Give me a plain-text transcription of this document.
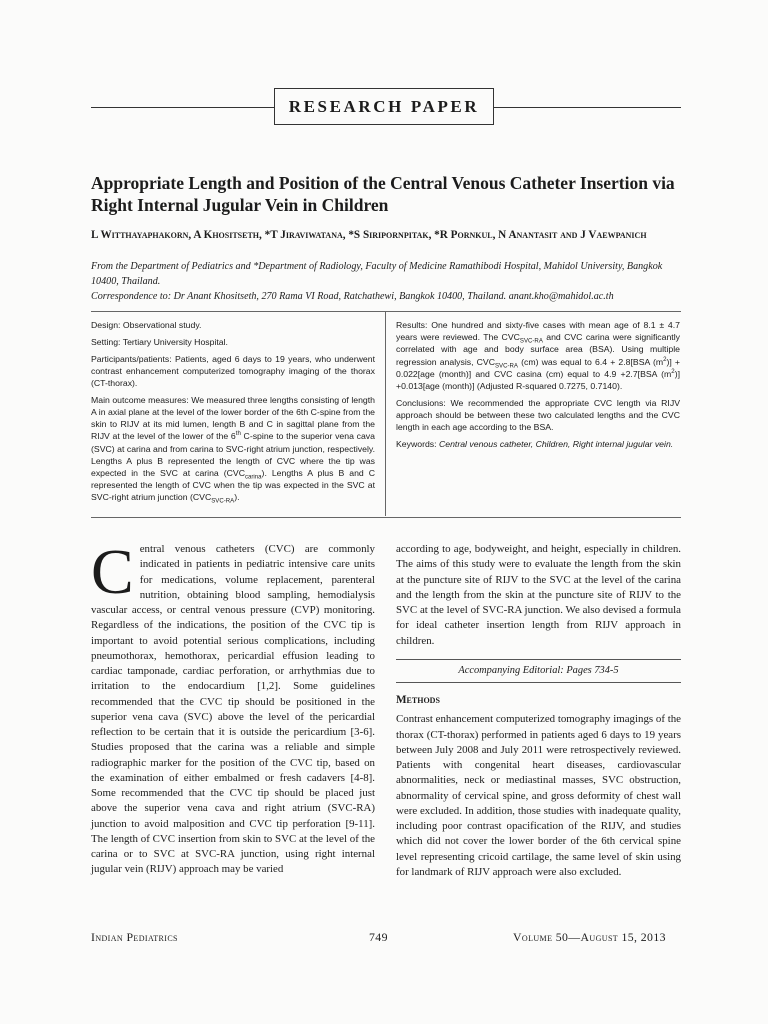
RESEARCH PAPER
Appropriate Length and Position of the Central Venous Catheter Insertion via Right Internal Jugular Vein in Children
L Witthayaphakorn, A Khositseth, *T Jiraviwatana, *S Siripornpitak, *R Pornkul, N Anantasit and J Vaewpanich
From the Department of Pediatrics and *Department of Radiology, Faculty of Medicine Ramathibodi Hospital, Mahidol University, Bangkok 10400, Thailand.
Correspondence to: Dr Anant Khositseth, 270 Rama VI Road, Ratchathewi, Bangkok 10400, Thailand. anant.kho@mahidol.ac.th

Design: Observational study.

Setting: Tertiary University Hospital.

Participants/patients: Patients, aged 6 days to 19 years, who underwent contrast enhancement computerized tomography imaging of the thorax (CT-thorax).

Main outcome measures: We measured three lengths consisting of length A in axial plane at the level of the lower border of the 6th C-spine from the skin to RIJV at its mid lumen, length B and C in sagittal plane from the RIJV at the level of the lower of the 6th C-spine to the superior vena cava (SVC) at carina and from carina to SVC-right atrium junction, respectively. Lengths A plus B represented the length of CVC where the tip was expected in the SVC at carina $(CVC_{carina})$. Lengths A plus B and C represented the length of CVC when the tip was expected in the SVC at SVC-right atrium junction $(CVC_{SVC-RA})$.

Results: One hundred and sixty-five cases with mean age of 8.1 ± 4.7 years were reviewed. The $CVC_{SVC-RA}$ and CVC carina were significantly correlated with age and body surface area (BSA). Using multiple regression analysis, $CVC_{SVC-RA}$ (cm) was equal to 6.4 + 2.8[BSA $(m^2)] + 0.022[age$ (month)] and CVC casina (cm) equal to 4.9 +2.7[BSA $(m^2)] +0.013[age$ (month)] (Adjusted R-squared 0.7275, 0.7140).

Conclusions: We recommended the appropriate CVC length via RIJV approach should be between these two calculated lengths and the CVC length in each age according to the BSA.

Keywords: Central venous catheter, Children, Right internal jugular vein.

Central venous catheters (CVC) are commonly indicated in patients in pediatric intensive care units for medications, volume replacement, parenteral nutrition, obtaining blood sampling, hemodialysis vascular access, or central venous pressure (CVP) monitoring. Regardless of the indications, the position of the CVC tip is important to avoid potential serious complications, including pneumothorax, hemothorax, pericardial effusion leading to cardiac tamponade, cardiac perforation, or arrhythmias due to irritation to the endocardium [1,2]. Some guidelines recommended that the CVC tip should be positioned in the superior vena cava (SVC) above the level of the pericardial reflection to be certain that it is outside the pericardium [3-6]. Studies proposed that the carina was a reliable and simple radiographic marker for the position of the CVC tip, based on the examination of either embalmed or fresh cadavers [4-8]. Some recommended that the CVC tip should be placed just above the superior vena cava and right atrium (SVC-RA) junction to avoid malposition and CVC tip perforation [9-11]. The length of CVC insertion from skin to SVC at the level of the carina or to SVC at SVC-RA junction, using right internal jugular vein (RIJV) approach may be varied

according to age, bodyweight, and height, especially in children. The aims of this study were to evaluate the length from the skin at the puncture site of RIJV to the SVC at the level of the carina and the length from the skin at the puncture site of RIJV to the SVC at the level of SVC-RA junction. We also devised a formula for ideal catheter insertion length from RIJV approach in children.

Accompanying Editorial: Pages 734-5
Methods

Contrast enhancement computerized tomography imagings of the thorax (CT-thorax) performed in patients aged 6 days to 19 years between July 2008 and July 2011 were retrospectively reviewed. Patients with congenital heart diseases, cardiovascular abnormalities, neck or mediastinal masses, SVC obstruction, abnormality of cervical spine, and gross deformity of chest wall were excluded. In addition, those studies with inadequate quality, including poor contrast opacification of the RIJV, and studies which did not cover the lower border of the 6th cervical spine level representing cricoid cartilage, the same level of skin using for landmark of RIJV approach were also excluded.

Indian Pediatrics	749	Volume 50—August 15, 2013
